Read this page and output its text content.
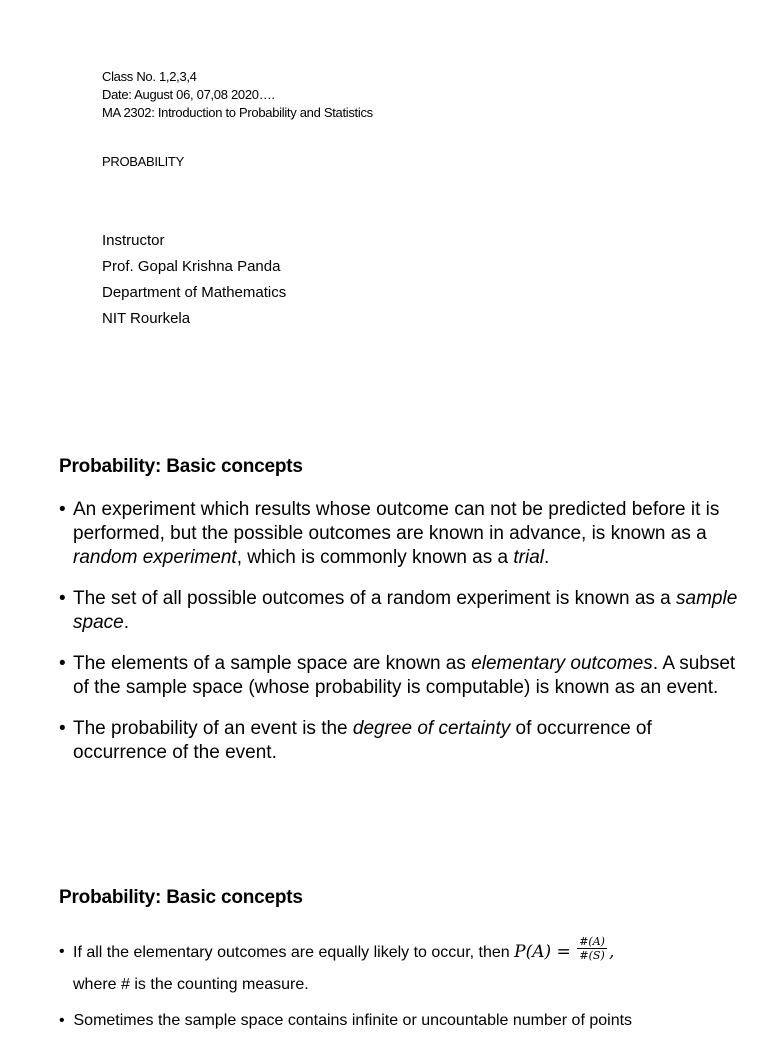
Class No. 1,2,3,4
Date: August 06, 07,08 2020….
MA 2302: Introduction to Probability and Statistics
PROBABILITY
Instructor
Prof. Gopal Krishna Panda
Department of Mathematics
NIT Rourkela
Probability: Basic concepts
• An experiment which results whose outcome can not be predicted before it is performed, but the possible outcomes are known in advance, is known as a random experiment, which is commonly known as a trial.
• The set of all possible outcomes of a random experiment is known as a sample space.
• The elements of a sample space are known as elementary outcomes. A subset of the sample space (whose probability is computable) is known as an event.
• The probability of an event is the degree of certainty of occurrence of occurrence of the event.
Probability: Basic concepts
• If all the elementary outcomes are equally likely to occur, then $P(A) = \frac{\#(A)}{\#(S)}$ ,
where # is the counting measure.
• Sometimes the sample space contains infinite or uncountable number of points
